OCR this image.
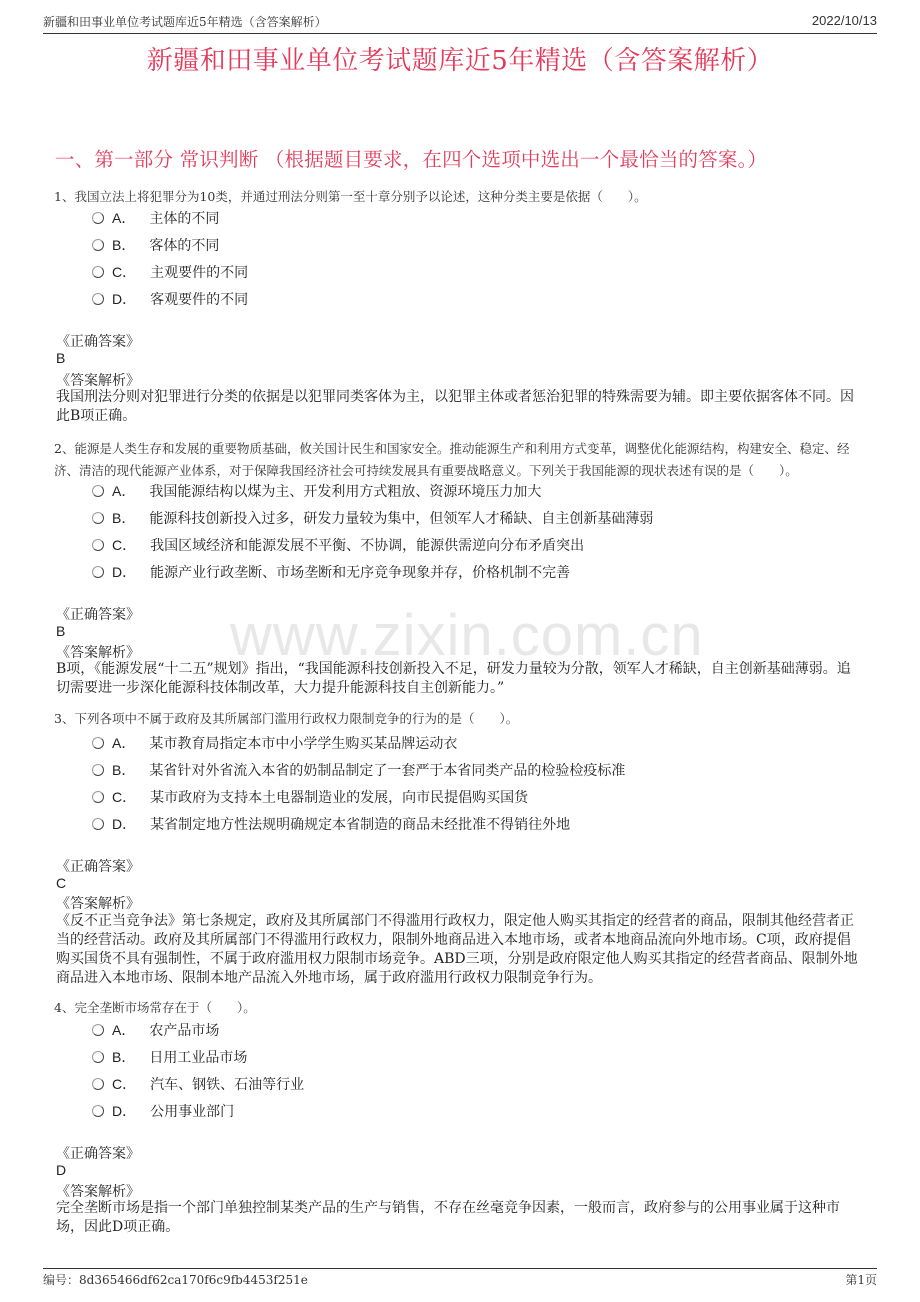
新疆和田事业单位考试题库近5年精选（含答案解析）	2022/10/13
新疆和田事业单位考试题库近5年精选（含答案解析）
一、第一部分 常识判断 （根据题目要求，在四个选项中选出一个最恰当的答案。）
www.zixin.com.cn
1、我国立法上将犯罪分为10类，并通过刑法分则第一至十章分别予以论述，这种分类主要是依据（　　）。
A． 主体的不同
B． 客体的不同
C． 主观要件的不同
D． 客观要件的不同
《正确答案》
B
《答案解析》
我国刑法分则对犯罪进行分类的依据是以犯罪同类客体为主，以犯罪主体或者惩治犯罪的特殊需要为辅。即主要依据客体不同。因此B项正确。
2、能源是人类生存和发展的重要物质基础，攸关国计民生和国家安全。推动能源生产和利用方式变革，调整优化能源结构，构建安全、稳定、经济、清洁的现代能源产业体系，对于保障我国经济社会可持续发展具有重要战略意义。下列关于我国能源的现状表述有误的是（　　）。
A． 我国能源结构以煤为主、开发利用方式粗放、资源环境压力加大
B． 能源科技创新投入过多，研发力量较为集中，但领军人才稀缺、自主创新基础薄弱
C． 我国区域经济和能源发展不平衡、不协调，能源供需逆向分布矛盾突出
D． 能源产业行政垄断、市场垄断和无序竞争现象并存，价格机制不完善
《正确答案》
B
《答案解析》
B项，《能源发展“十二五”规划》指出，“我国能源科技创新投入不足，研发力量较为分散，领军人才稀缺，自主创新基础薄弱。追切需要进一步深化能源科技体制改革，大力提升能源科技自主创新能力。”
3、下列各项中不属于政府及其所属部门滥用行政权力限制竞争的行为的是（　　）。
A． 某市教育局指定本市中小学学生购买某品牌运动衣
B． 某省针对外省流入本省的奶制品制定了一套严于本省同类产品的检验检疫标准
C． 某市政府为支持本土电器制造业的发展，向市民提倡购买国货
D． 某省制定地方性法规明确规定本省制造的商品未经批准不得销往外地
《正确答案》
C
《答案解析》
《反不正当竞争法》第七条规定，政府及其所属部门不得滥用行政权力，限定他人购买其指定的经营者的商品，限制其他经营者正当的经营活动。政府及其所属部门不得滥用行政权力，限制外地商品进入本地市场，或者本地商品流向外地市场。C项，政府提倡购买国货不具有强制性，不属于政府滥用权力限制市场竞争。ABD三项，分别是政府限定他人购买其指定的经营者商品、限制外地商品进入本地市场、限制本地产品流入外地市场，属于政府滥用行政权力限制竞争行为。
4、完全垄断市场常存在于（　　）。
A． 农产品市场
B． 日用工业品市场
C． 汽车、钢铁、石油等行业
D． 公用事业部门
《正确答案》
D
《答案解析》
完全垄断市场是指一个部门单独控制某类产品的生产与销售，不存在丝毫竞争因素，一般而言，政府参与的公用事业属于这种市场，因此D项正确。
编号：8d365466df62ca170f6c9fb4453f251e	第1页
